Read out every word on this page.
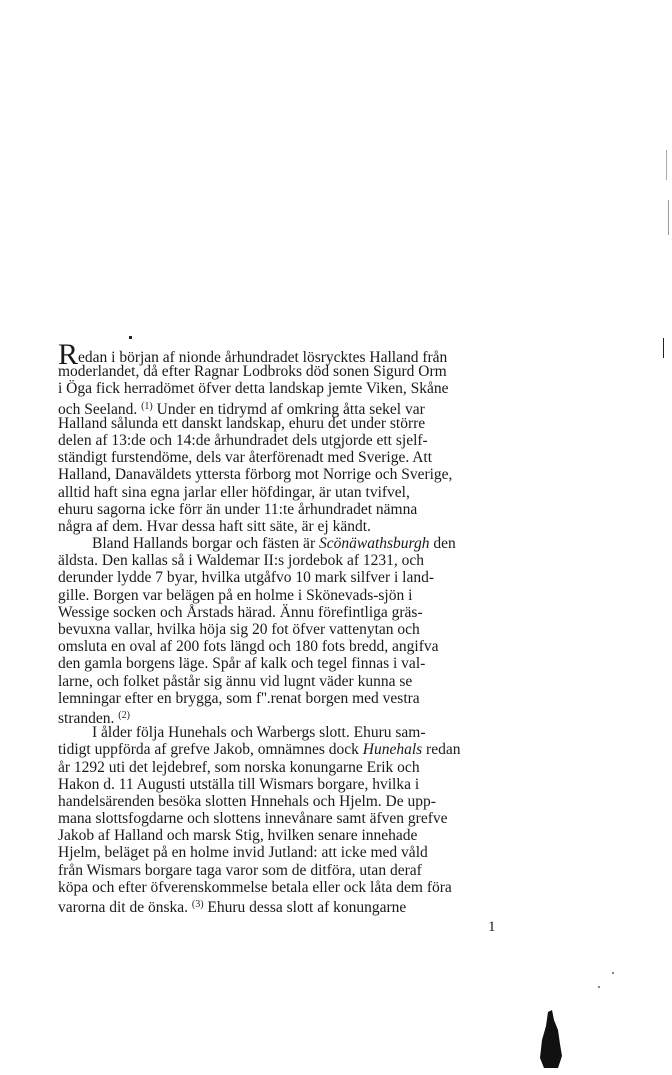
Redan i början af nionde århundradet lösrycktes Halland från
moderlandet, då efter Ragnar Lodbroks död sonen Sigurd Orm
i Öga fick herradömet öfver detta landskap jemte Viken, Skåne
och Seeland. $^{(1)}$ Under en tidrymd af omkring åtta sekel var
Halland sålunda ett danskt landskap, ehuru det under större
delen af 13:de och 14:de århundradet dels utgjorde ett sjelf-
ständigt furstendöme, dels var återförenadt med Sverige. Att
Halland, Danaväldets yttersta förborg mot Norrige och Sverige,
alltid haft sina egna jarlar eller höfdingar, är utan tvifvel,
ehuru sagorna icke förr än under 11:te århundradet nämna
några af dem. Hvar dessa haft sitt säte, är ej kändt.
Bland Hallands borgar och fästen är Scönäwathsburgh den
äldsta. Den kallas så i Waldemar II:s jordebok af 1231, och
derunder lydde 7 byar, hvilka utgåfvo 10 mark silfver i land-
gille. Borgen var belägen på en holme i Skönevads-sjön i
Wessige socken och Årstads härad. Ännu förefintliga gräs-
bevuxna vallar, hvilka höja sig 20 fot öfver vattenytan och
omsluta en oval af 200 fots längd och 180 fots bredd, angifva
den gamla borgens läge. Spår af kalk och tegel finnas i val-
larne, och folket påstår sig ännu vid lugnt väder kunna se
lemningar efter en brygga, som f''.renat borgen med vestra
stranden. $^{(2)}$
I ålder följa Hunehals och Warbergs slott. Ehuru sam-
tidigt uppförda af grefve Jakob, omnämnes dock Hunehals redan
år 1292 uti det lejdebref, som norska konungarne Erik och
Hakon d. 11 Augusti utställa till Wismars borgare, hvilka i
handelsärenden besöka slotten Hnnehals och Hjelm. De upp-
mana slottsfogdarne och slottens innevånare samt äfven grefve
Jakob af Halland och marsk Stig, hvilken senare innehade
Hjelm, beläget på en holme invid Jutland: att icke med våld
från Wismars borgare taga varor som de ditföra, utan deraf
köpa och efter öfverenskommelse betala eller ock låta dem föra
varorna dit de önska. $^{(3)}$ Ehuru dessa slott af konungarne
1
